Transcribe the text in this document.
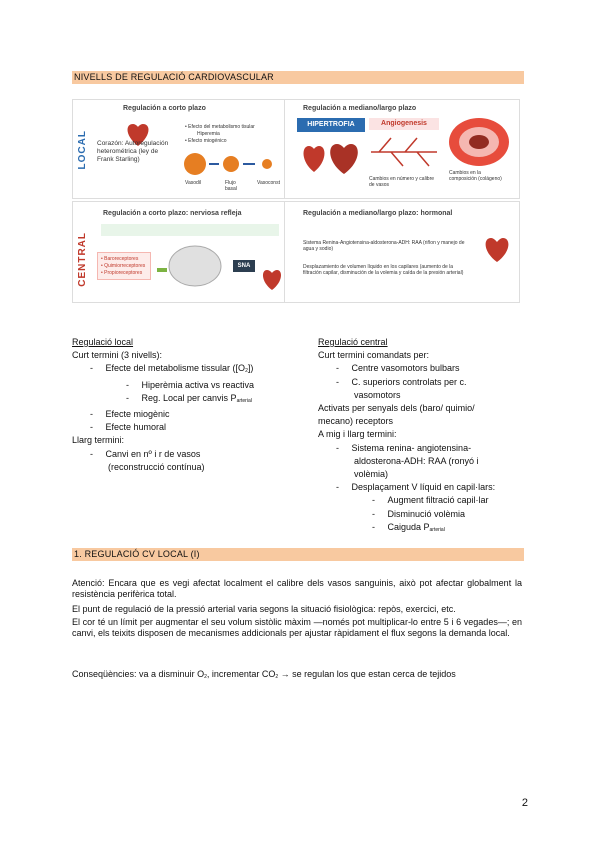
NIVELLS DE REGULACIÓ CARDIOVASCULAR
Regulación a corto plazo
LOCAL Corazón: Autoregulación heterométrica (ley de Frank Starling)
• Efecto del metabolismo tisular
Hiperemia
• Efecto miogénico
Vasodil	Flujo basal
Vasoconst
Regulación a mediano/largo plazo
HIPERTROFIA	Angiogenesis
Cambios en número y calibre de vasos
Cambios en la composición (colágeno)
CENTRAL
Regulación a corto plazo: nerviosa refleja
• Baroreceptores
• Quimiorreceptores
• Propioreceptores
SNA
Regulación a mediano/largo plazo: hormonal
Sistema Renina-Angiotensina-aldosterona-ADH: RAA (riñon y manejo de agua y sodio)
Desplazamiento de volumen líquido en los capilares (aumento de la filtración capilar, disminución de la volemia y caída de la presión arterial)
Regulació local
Curt termini (3 nivells):
-     Efecte del metabolisme tissular $([O_2])$
-     Hiperèmia activa vs reactiva
-     Reg. Local per canvis $P_{arterial}$
-     Efecte miogènic
-     Efecte humoral
Llarg termini:
-     Canvi en nº i r de vasos
(reconstrucció contínua)
Regulació central
Curt termini comandats per:
-     Centre vasomotors bulbars
-     C. superiors controlats per c.
vasomotors
Activats per senyals dels (baro/ quimio/
mecano) receptors
A mig i llarg termini:
-     Sistema renina- angiotensina-
aldosterona-ADH: RAA (ronyó i
volèmia)
-     Desplaçament V líquid en capil·lars:
-     Augment filtració capil·lar
-     Disminució volèmia
-     Caiguda $P_{arterial}$
1. REGULACIÓ CV LOCAL (I)
Atenció: Encara que es vegi afectat localment el calibre dels vasos sanguinis, això pot afectar globalment la resistència perifèrica total.
El punt de regulació de la pressió arterial varia segons la situació fisiològica: repòs, exercici, etc.
El cor té un límit per augmentar el seu volum sistòlic màxim —només pot multiplicar-lo entre 5 i 6 vegades—; en canvi, els teixits disposen de mecanismes addicionals per ajustar ràpidament el flux segons la demanda local.
Conseqüències: va a disminuir $O_2$, incrementar $CO_2$ → se regulan los que estan cerca de tejidos
2
